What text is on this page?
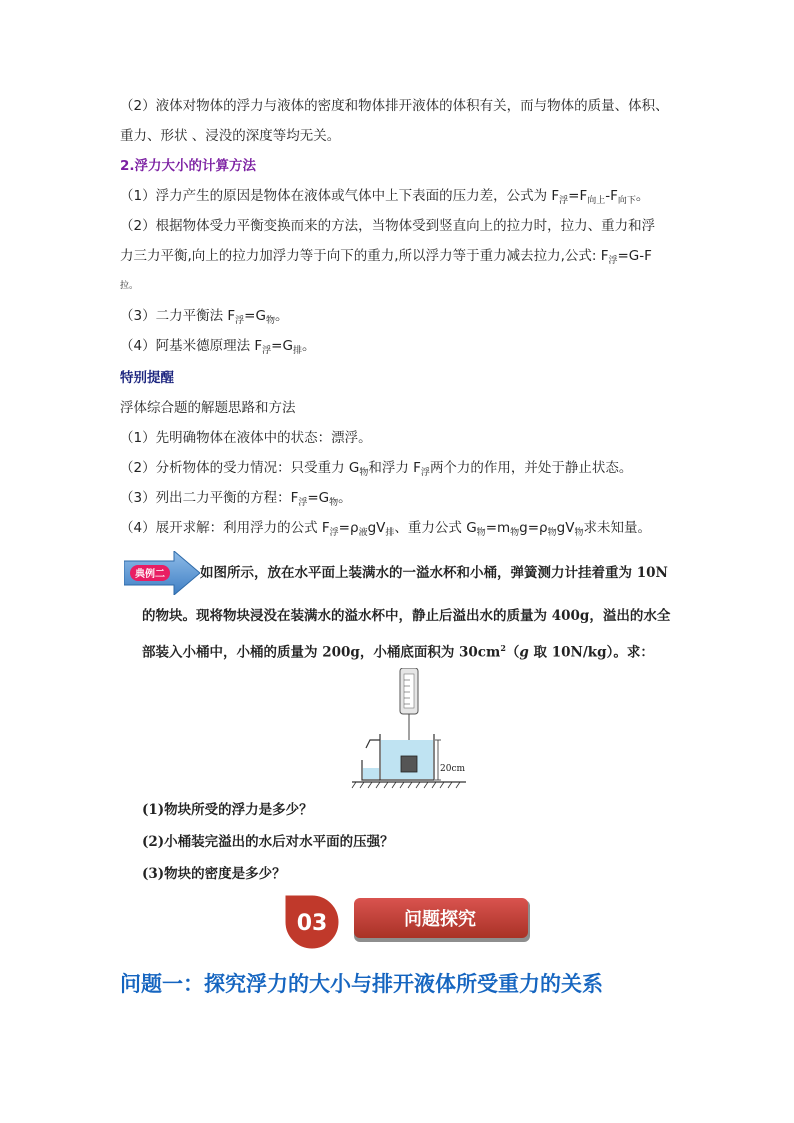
（2）液体对物体的浮力与液体的密度和物体排开液体的体积有关，而与物体的质量、体积、
重力、形状 、浸没的深度等均无关。
2.浮力大小的计算方法
（1）浮力产生的原因是物体在液体或气体中上下表面的压力差，公式为 $F_浮=F_{向上}-F_{向下}$。
（2）根据物体受力平衡变换而来的方法，当物体受到竖直向上的拉力时，拉力、重力和浮
力三力平衡,向上的拉力加浮力等于向下的重力,所以浮力等于重力减去拉力,公式: $F_浮=G-F$
拉。
（3）二力平衡法 $F_浮=G_物$。
（4）阿基米德原理法 $F_浮=G_排$。
特别提醒
浮体综合题的解题思路和方法
（1）先明确物体在液体中的状态：漂浮。
（2）分析物体的受力情况：只受重力 $G_物$和浮力 $F_浮$两个力的作用，并处于静止状态。
（3）列出二力平衡的方程：$F_浮=G_物$。
（4）展开求解：利用浮力的公式 $F_浮=\rho_液gV_排$、重力公式 $G_物=m_物g=\rho_物gV_物$求未知量。
典例二	如图所示，放在水平面上装满水的一溢水杯和小桶，弹簧测力计挂着重为 10N
的物块。现将物块浸没在装满水的溢水杯中，静止后溢出水的质量为 400g，溢出的水全
部装入小桶中，小桶的质量为 200g，小桶底面积为 $30cm^2(g$ 取 10N/kg）。求：
20cm
(1)物块所受的浮力是多少？
(2)小桶装完溢出的水后对水平面的压强？
(3)物块的密度是多少？
03	问题探究
问题一：探究浮力的大小与排开液体所受重力的关系
